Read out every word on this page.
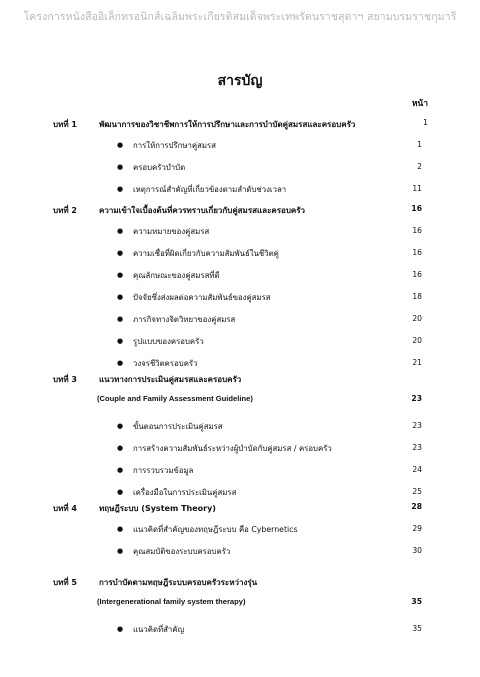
โครงการหนังสืออิเล็กทรอนิกส์เฉลิมพระเกียรติสมเด็จพระเทพรัตนราชสุดาฯ สยามบรมราชกุมารี
สารบัญ
หน้า
บทที่ 1	พัฒนาการของวิชาชีพการให้การปรึกษาและการบำบัดคู่สมรสและครอบครัว	1
● การให้การปรึกษาคู่สมรส	1
● ครอบครัวบำบัด	2
● เหตุการณ์สำคัญที่เกี่ยวข้องตามลำดับช่วงเวลา	11
บทที่ 2	ความเข้าใจเบื้องต้นที่ควรทราบเกี่ยวกับคู่สมรสและครอบครัว	16
● ความหมายของคู่สมรส	16
● ความเชื่อที่ผิดเกี่ยวกับความสัมพันธ์ในชีวิตคู่	16
● คุณลักษณะของคู่สมรสที่ดี	16
● ปัจจัยซึ่งส่งผลต่อความสัมพันธ์ของคู่สมรส	18
● ภารกิจทางจิตวิทยาของคู่สมรส	20
● รูปแบบของครอบครัว	20
● วงจรชีวิตครอบครัว	21
บทที่ 3	แนวทางการประเมินคู่สมรสและครอบครัว
(Couple and Family Assessment Guideline)	23
● ขั้นตอนการประเมินคู่สมรส	23
● การสร้างความสัมพันธ์ระหว่างผู้บำบัดกับคู่สมรส / ครอบครัว	23
● การรวบรวมข้อมูล	24
● เครื่องมือในการประเมินคู่สมรส	25
บทที่ 4	ทฤษฎีระบบ (System Theory)	28
● แนวคิดที่สำคัญของทฤษฎีระบบ คือ Cybernetics	29
● คุณสมบัติของระบบครอบครัว	30
บทที่ 5	การบำบัดตามทฤษฎีระบบครอบครัวระหว่างรุ่น
(Intergenerational family system therapy)	35
● แนวคิดที่สำคัญ	35
